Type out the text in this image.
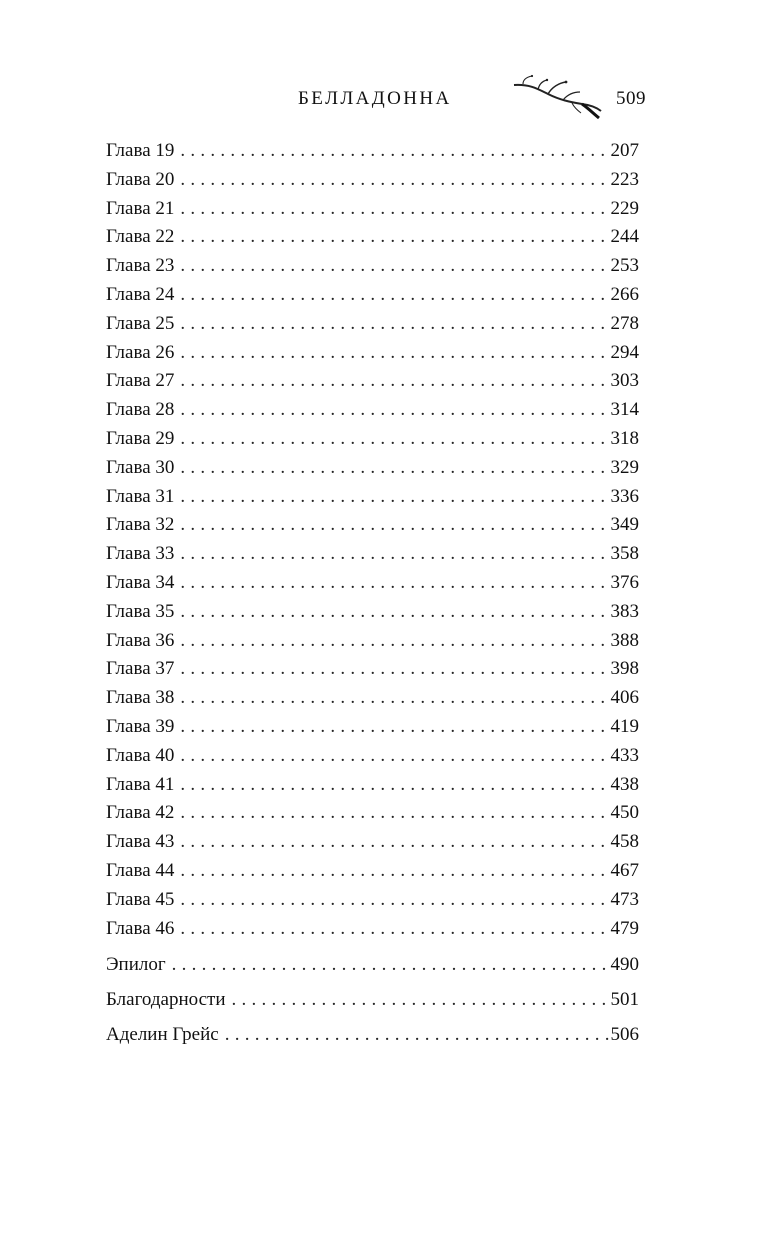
БЕЛЛАДОННА	509
Глава 19 . . .	207
Глава 20 . . .	223
Глава 21 . . .	229
Глава 22 . . .	244
Глава 23 . . .	253
Глава 24 . . .	266
Глава 25 . . .	278
Глава 26 . . .	294
Глава 27 . . .	303
Глава 28 . . .	314
Глава 29 . . .	318
Глава 30 . . .	329
Глава 31 . . .	336
Глава 32 . . .	349
Глава 33 . . .	358
Глава 34 . . .	376
Глава 35 . . .	383
Глава 36 . . .	388
Глава 37 . . .	398
Глава 38 . . .	406
Глава 39 . . .	419
Глава 40 . . .	433
Глава 41 . . .	438
Глава 42 . . .	450
Глава 43 . . .	458
Глава 44 . . .	467
Глава 45 . . .	473
Глава 46 . . .	479
Эпилог . . .	490
Благодарности . . .	501
Аделин Грейс . . .	506
